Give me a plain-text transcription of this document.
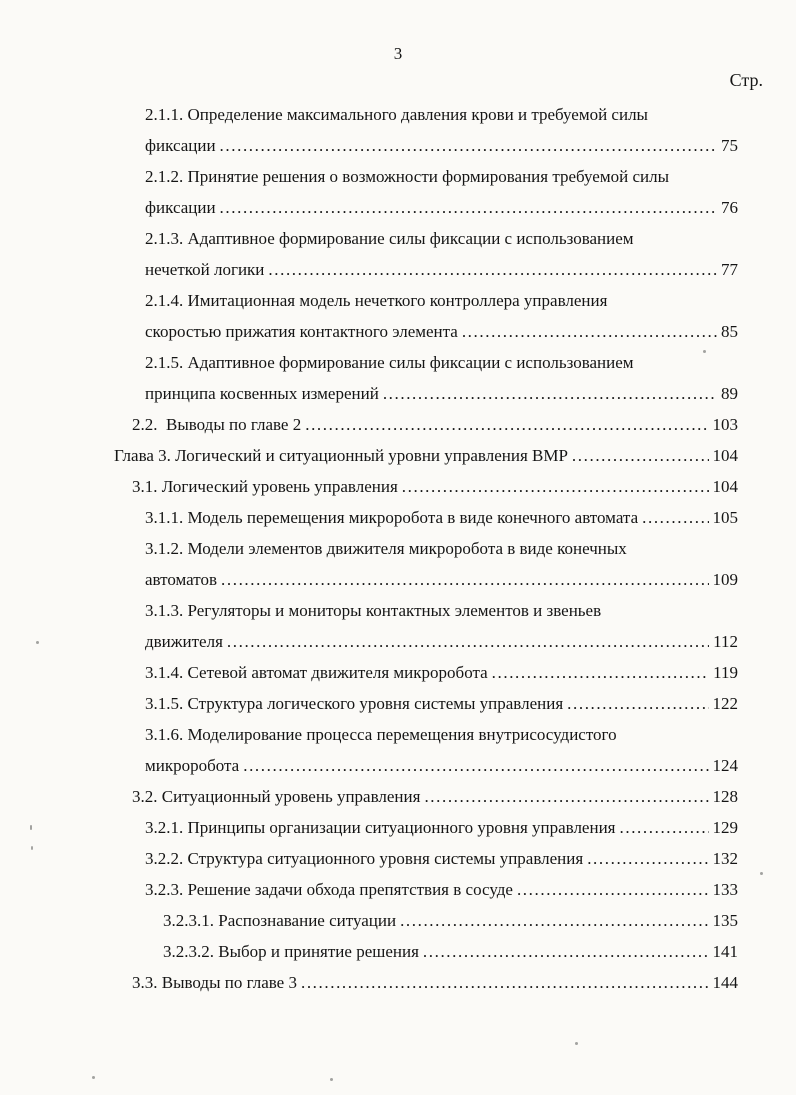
3
Стр.
2.1.1. Определение максимального давления крови и требуемой силы
фиксации .....	75
2.1.2. Принятие решения о возможности формирования требуемой силы
фиксации .....	76
2.1.3. Адаптивное формирование силы фиксации с использованием
нечеткой логики .....	77
2.1.4. Имитационная модель нечеткого контроллера управления
скоростью прижатия контактного элемента .....	85
2.1.5. Адаптивное формирование силы фиксации с использованием
принципа косвенных измерений .....	89
2.2.  Выводы по главе 2 .....	103
Глава 3. Логический и ситуационный уровни управления ВМР .....	104
3.1. Логический уровень управления .....	104
3.1.1. Модель перемещения микроробота в виде конечного автомата .....	105
3.1.2. Модели элементов движителя микроробота в виде конечных
автоматов .....	109
3.1.3. Регуляторы и мониторы контактных элементов и звеньев
движителя .....	112
3.1.4. Сетевой автомат движителя микроробота .....	119
3.1.5. Структура логического уровня системы управления .....	122
3.1.6. Моделирование процесса перемещения внутрисосудистого
микроробота .....	124
3.2. Ситуационный уровень управления .....	128
3.2.1. Принципы организации ситуационного уровня управления .....	129
3.2.2. Структура ситуационного уровня системы управления .....	132
3.2.3. Решение задачи обхода препятствия в сосуде .....	133
3.2.3.1. Распознавание ситуации .....	135
3.2.3.2. Выбор и принятие решения .....	141
3.3. Выводы по главе 3 .....	144
